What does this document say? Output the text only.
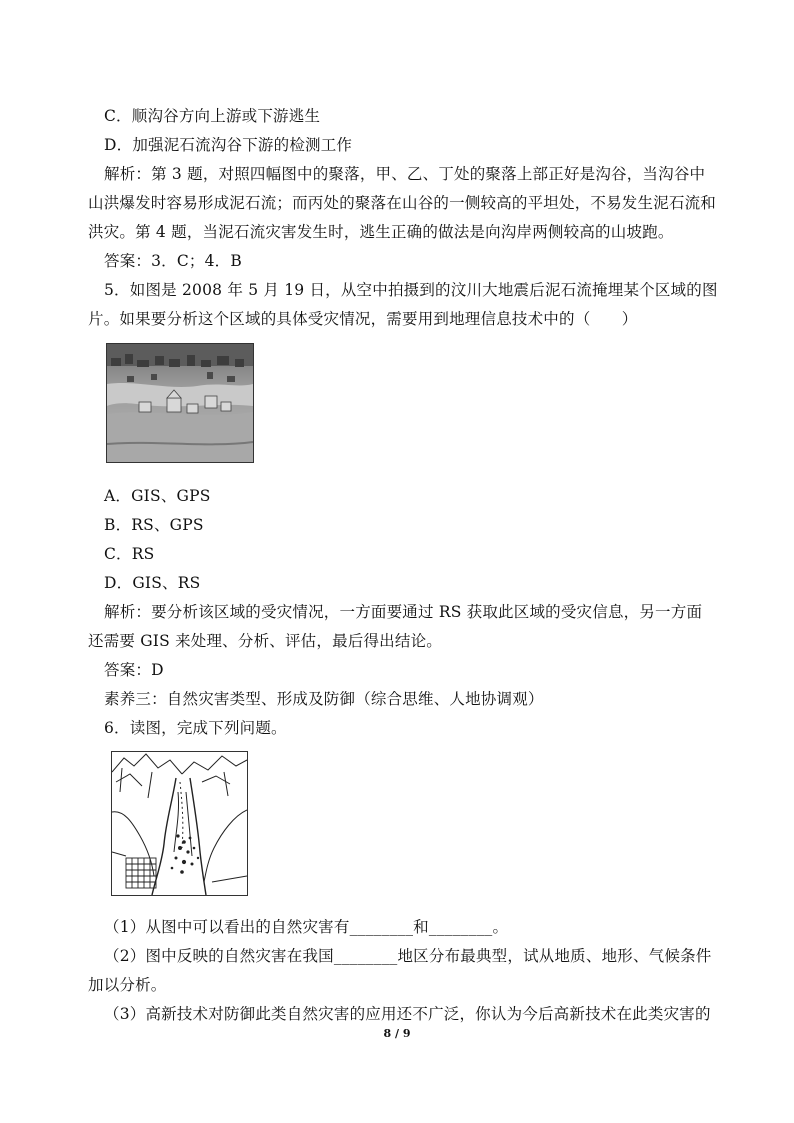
C．顺沟谷方向上游或下游逃生
D．加强泥石流沟谷下游的检测工作
解析：第 3 题，对照四幅图中的聚落，甲、乙、丁处的聚落上部正好是沟谷，当沟谷中
山洪爆发时容易形成泥石流；而丙处的聚落在山谷的一侧较高的平坦处，不易发生泥石流和
洪灾。第 4 题，当泥石流灾害发生时，逃生正确的做法是向沟岸两侧较高的山坡跑。
答案：3．C；4．B
5．如图是 2008 年 5 月 19 日，从空中拍摄到的汶川大地震后泥石流掩埋某个区域的图
片。如果要分析这个区域的具体受灾情况，需要用到地理信息技术中的（　　）
A．GIS、GPS
B．RS、GPS
C．RS
D．GIS、RS
解析：要分析该区域的受灾情况，一方面要通过 RS 获取此区域的受灾信息，另一方面
还需要 GIS 来处理、分析、评估，最后得出结论。
答案：D
素养三：自然灾害类型、形成及防御（综合思维、人地协调观）
6．读图，完成下列问题。
（1）从图中可以看出的自然灾害有________和________。
（2）图中反映的自然灾害在我国________地区分布最典型，试从地质、地形、气候条件
加以分析。
（3）高新技术对防御此类自然灾害的应用还不广泛，你认为今后高新技术在此类灾害的
8 / 9
